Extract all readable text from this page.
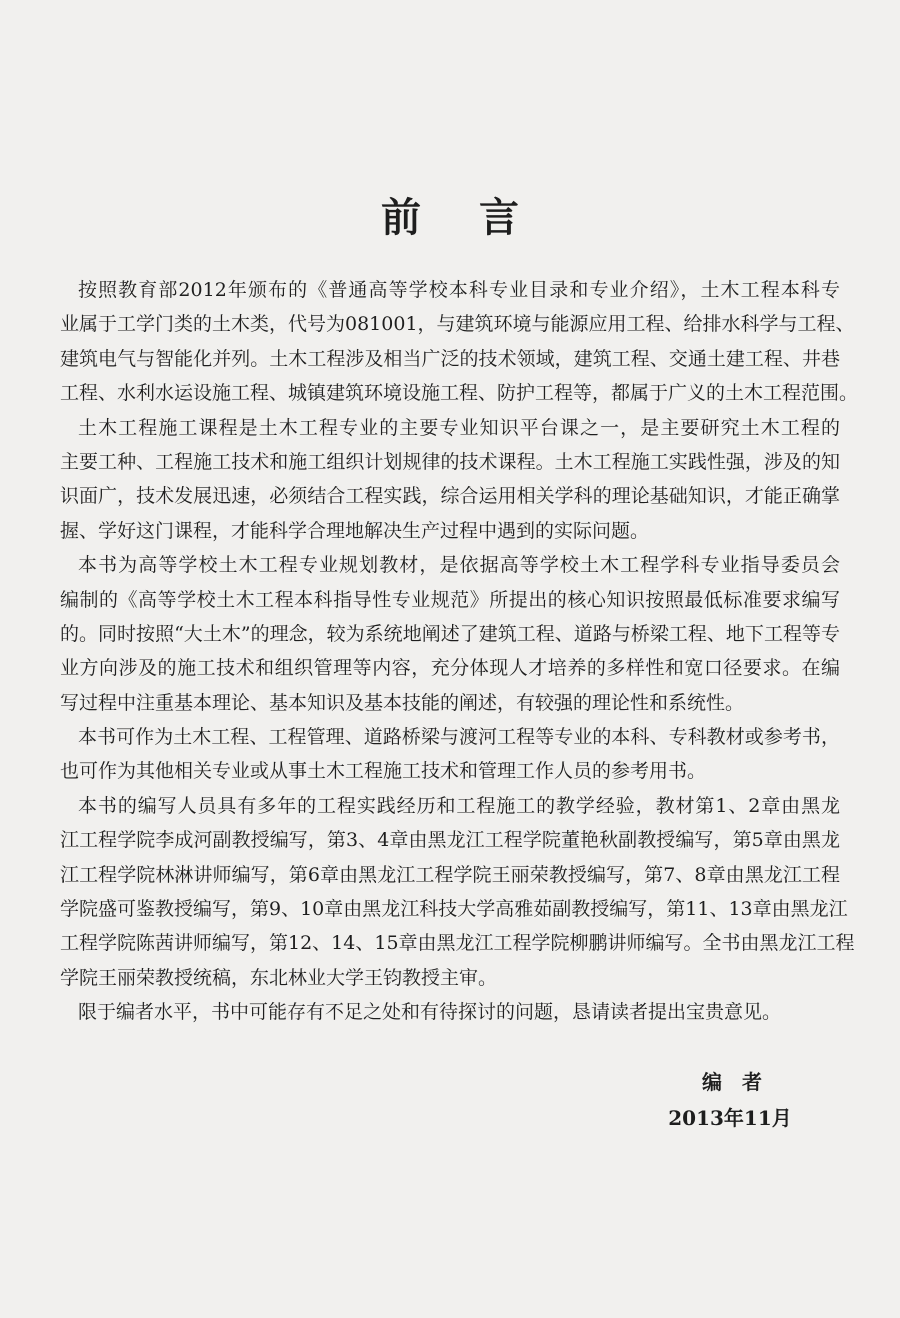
前言
按照教育部2012年颁布的《普通高等学校本科专业目录和专业介绍》，土木工程本科专
业属于工学门类的土木类，代号为081001，与建筑环境与能源应用工程、给排水科学与工程、
建筑电气与智能化并列。土木工程涉及相当广泛的技术领域，建筑工程、交通土建工程、井巷
工程、水利水运设施工程、城镇建筑环境设施工程、防护工程等，都属于广义的土木工程范围。
土木工程施工课程是土木工程专业的主要专业知识平台课之一，是主要研究土木工程的
主要工种、工程施工技术和施工组织计划规律的技术课程。土木工程施工实践性强，涉及的知
识面广，技术发展迅速，必须结合工程实践，综合运用相关学科的理论基础知识，才能正确掌
握、学好这门课程，才能科学合理地解决生产过程中遇到的实际问题。
本书为高等学校土木工程专业规划教材，是依据高等学校土木工程学科专业指导委员会
编制的《高等学校土木工程本科指导性专业规范》所提出的核心知识按照最低标准要求编写
的。同时按照“大土木”的理念，较为系统地阐述了建筑工程、道路与桥梁工程、地下工程等专
业方向涉及的施工技术和组织管理等内容，充分体现人才培养的多样性和宽口径要求。在编
写过程中注重基本理论、基本知识及基本技能的阐述，有较强的理论性和系统性。
本书可作为土木工程、工程管理、道路桥梁与渡河工程等专业的本科、专科教材或参考书，
也可作为其他相关专业或从事土木工程施工技术和管理工作人员的参考用书。
本书的编写人员具有多年的工程实践经历和工程施工的教学经验，教材第1、2章由黑龙
江工程学院李成河副教授编写，第3、4章由黑龙江工程学院董艳秋副教授编写，第5章由黑龙
江工程学院林淋讲师编写，第6章由黑龙江工程学院王丽荣教授编写，第7、8章由黑龙江工程
学院盛可鉴教授编写，第9、10章由黑龙江科技大学高雅茹副教授编写，第11、13章由黑龙江
工程学院陈茜讲师编写，第12、14、15章由黑龙江工程学院柳鹏讲师编写。全书由黑龙江工程
学院王丽荣教授统稿，东北林业大学王钧教授主审。
限于编者水平，书中可能存有不足之处和有待探讨的问题，恳请读者提出宝贵意见。
编者
2013年11月
